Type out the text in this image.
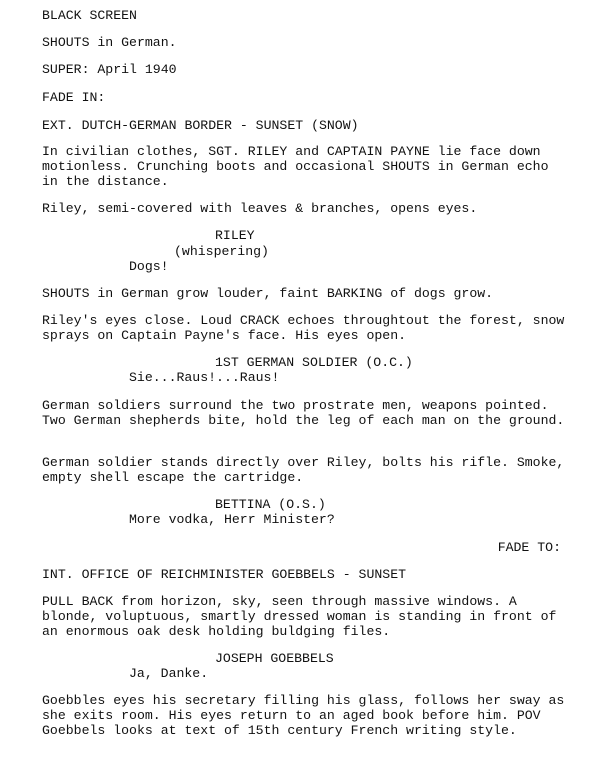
BLACK SCREEN

SHOUTS in German.

SUPER: April 1940

FADE IN:

EXT. DUTCH-GERMAN BORDER - SUNSET (SNOW)

In civilian clothes, SGT. RILEY and CAPTAIN PAYNE lie face down motionless. Crunching boots and occasional SHOUTS in German echo in the distance.

Riley, semi-covered with leaves & branches, opens eyes.

RILEY

(whispering)

Dogs!

SHOUTS in German grow louder, faint BARKING of dogs grow.

Riley's eyes close. Loud CRACK echoes throughtout the forest, snow sprays on Captain Payne's face. His eyes open.

1ST GERMAN SOLDIER (O.C.)

Sie...Raus!...Raus!

German soldiers surround the two prostrate men, weapons pointed. Two German shepherds bite, hold the leg of each man on the ground.

German soldier stands directly over Riley, bolts his rifle. Smoke, empty shell escape the cartridge.

BETTINA (O.S.)

More vodka, Herr Minister?

FADE TO:

INT. OFFICE OF REICHMINISTER GOEBBELS - SUNSET

PULL BACK from horizon, sky, seen through massive windows. A blonde, voluptuous, smartly dressed woman is standing in front of an enormous oak desk holding buldging files.

JOSEPH GOEBBELS

Ja, Danke.

Goebbles eyes his secretary filling his glass, follows her sway as she exits room. His eyes return to an aged book before him. POV Goebbels looks at text of 15th century French writing style.
